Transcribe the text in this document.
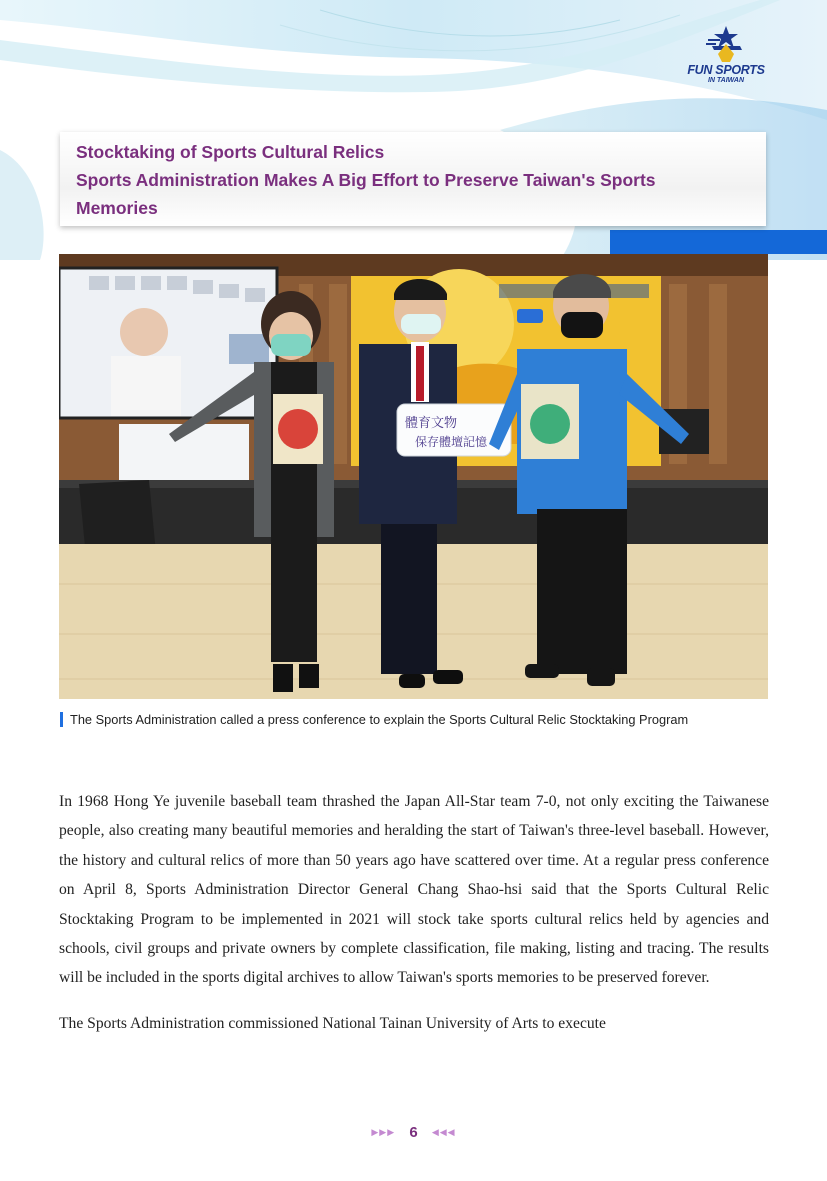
FUN SPORTS
IN TAIWAN
Stocktaking of Sports Cultural Relics
Sports Administration Makes A Big Effort to Preserve Taiwan's Sports
Memories
體育文物
保存體壇記憶
The Sports Administration called a press conference to explain the Sports Cultural Relic Stocktaking Program

In 1968 Hong Ye juvenile baseball team thrashed the Japan All-Star team 7-0, not only exciting the Taiwanese people, also creating many beautiful memories and heralding the start of Taiwan's three-level baseball. However, the history and cultural relics of more than 50 years ago have scattered over time. At a regular press conference on April 8, Sports Administration Director General Chang Shao-hsi said that the Sports Cultural Relic Stocktaking Program to be implemented in 2021 will stock take sports cultural relics held by agencies and schools, civil groups and private owners by complete classification, file making, listing and tracing. The results will be included in the sports digital archives to allow Taiwan's sports memories to be preserved forever.

The Sports Administration commissioned National Tainan University of Arts to execute

▶▶▶ 6 ◀◀◀
